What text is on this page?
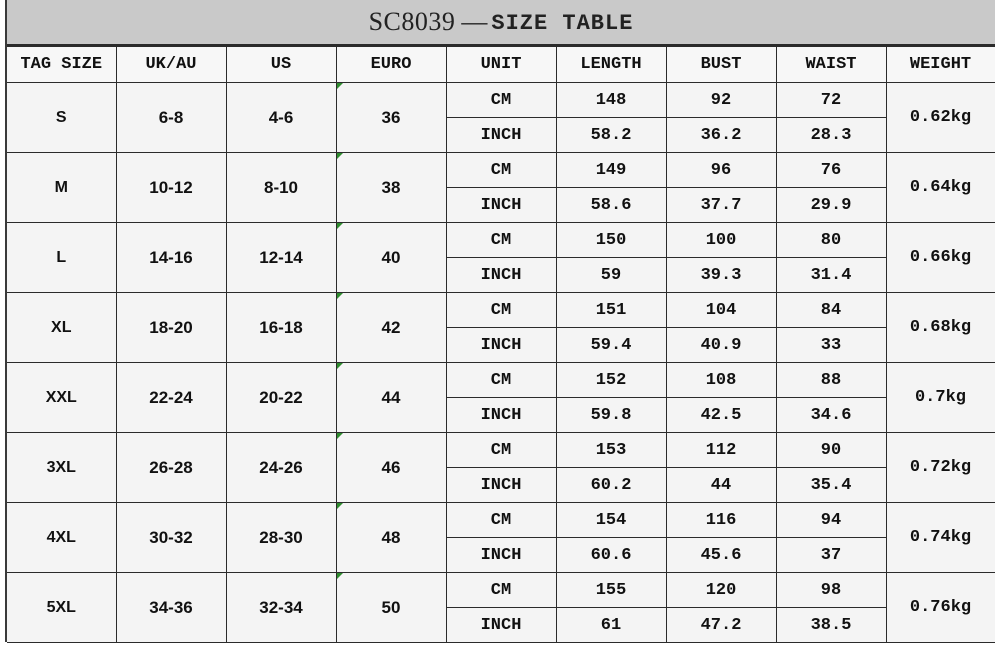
SC8039 — SIZE TABLE
TAG SIZE	UK/AU	US	EURO	UNIT	LENGTH	BUST	WAIST	WEIGHT
S	6-8	4-6	36	CM	148	92	72	0.62kg
				INCH	58.2	36.2	28.3	
M	10-12	8-10	38	CM	149	96	76	0.64kg
				INCH	58.6	37.7	29.9	
L	14-16	12-14	40	CM	150	100	80	0.66kg
				INCH	59	39.3	31.4	
XL	18-20	16-18	42	CM	151	104	84	0.68kg
				INCH	59.4	40.9	33	
XXL	22-24	20-22	44	CM	152	108	88	0.7kg
				INCH	59.8	42.5	34.6	
3XL	26-28	24-26	46	CM	153	112	90	0.72kg
				INCH	60.2	44	35.4	
4XL	30-32	28-30	48	CM	154	116	94	0.74kg
				INCH	60.6	45.6	37	
5XL	34-36	32-34	50	CM	155	120	98	0.76kg
				INCH	61	47.2	38.5	
